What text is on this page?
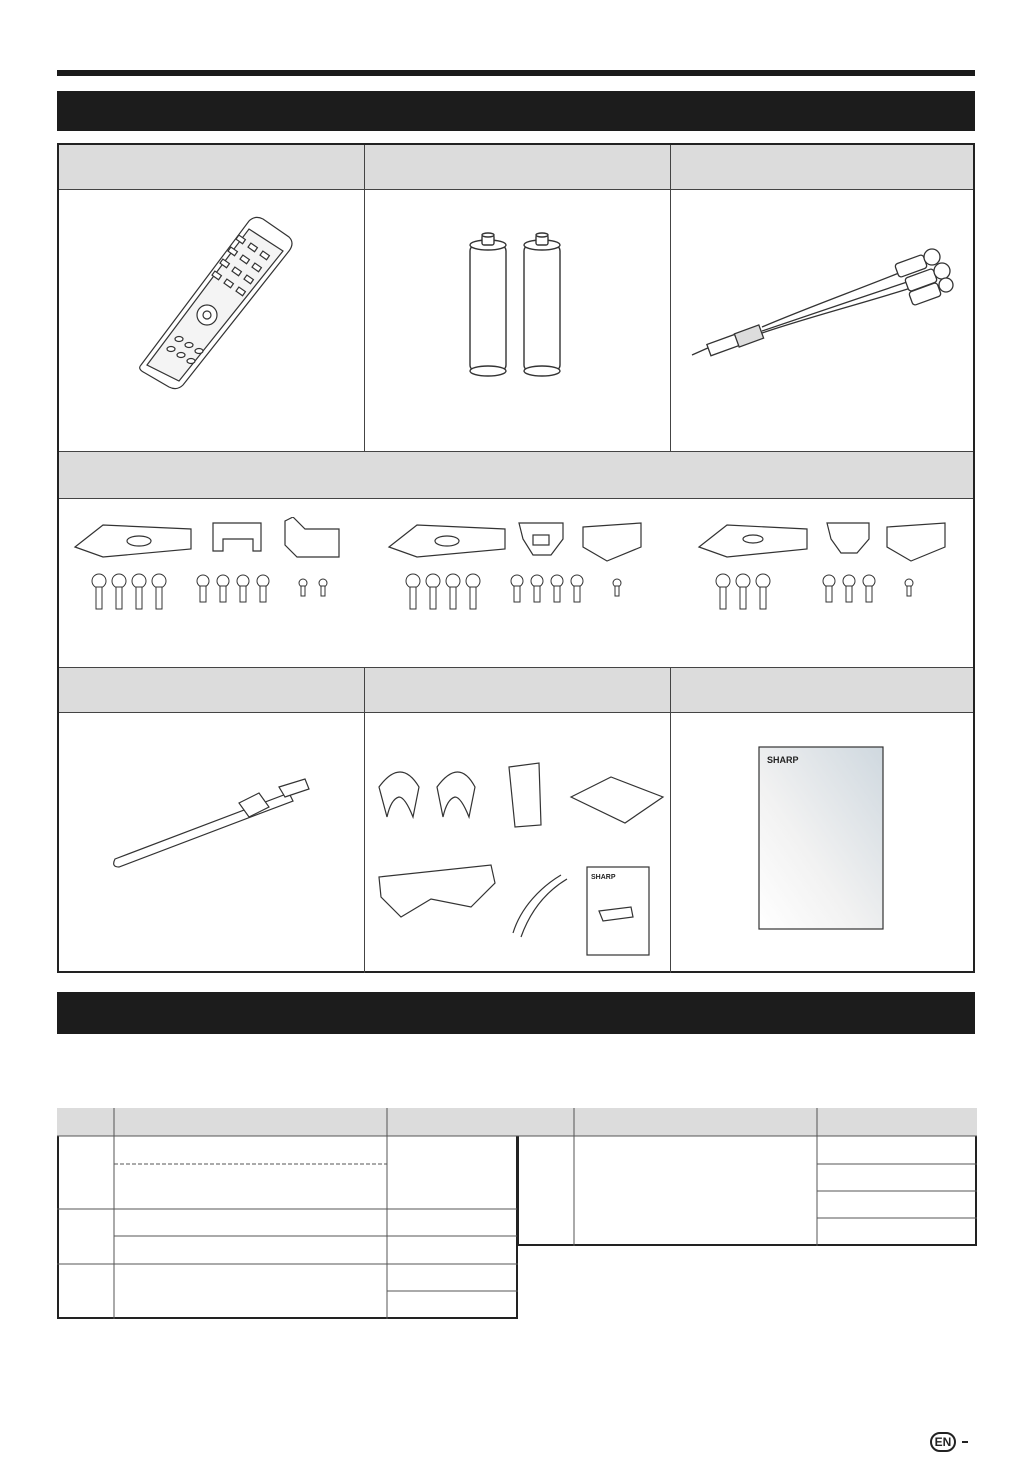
SHARP
SHARP
EN
